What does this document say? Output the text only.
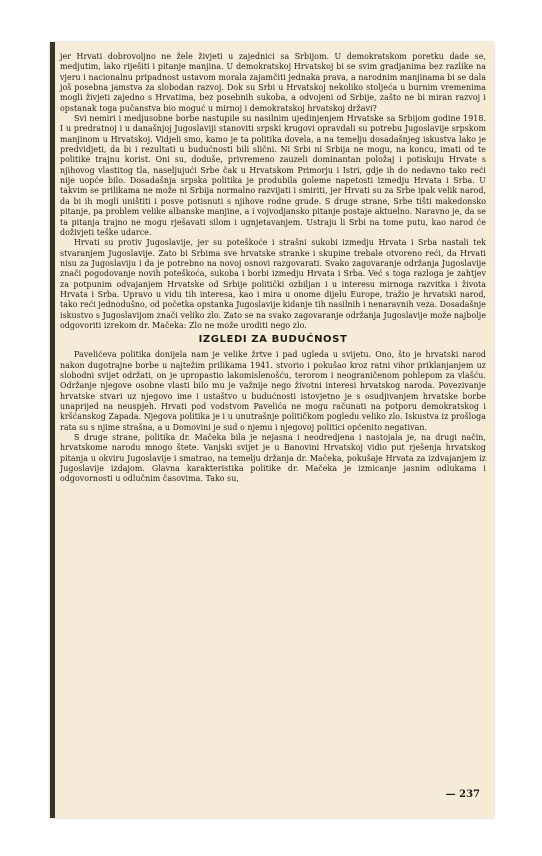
jer Hrvati dobrovoljno ne žele živjeti u zajednici sa Srbijom. U demokratskom poretku dade se, medjutim, lako riješiti i pitanje manjina. U demokratskoj Hrvatskoj bi se svim gradjanima bez razlike na vjeru i nacionalnu pripadnost ustavom morala zajamčiti jednaka prava, a narodnim manjinama bi se dala još posebna jamstva za slobodan razvoj. Dok su Srbi u Hrvatskoj nekoliko stoljeća u burnim vremenima mogli živjeti zajedno s Hrvatima, bez posebnih sukoba, a odvojeni od Srbije, zašto ne bi miran razvoj i opstanak toga pučanstva bio moguć u mirnoj i demokratskoj hrvatskoj državi?

Svi nemiri i medjusobne borbe nastupile su nasilnim ujedinjenjem Hrvatske sa Srbijom godine 1918. I u predratnoj i u današnjoj Jugoslaviji stanoviti srpski krugovi opravdali su potrebu Jugoslavije srpskom manjinom u Hrvatskoj. Vidjeli smo, kamo je ta politika dovela, a na temelju dosadašnjeg iskustva lako je predvidjeti, da bi i rezultati u budućnosti bili slični. Ni Srbi ni Srbija ne mogu, na koncu, imati od te politike trajnu korist. Oni su, doduše, privremeno zauzeli dominantan položaj i potiskuju Hrvate s njihovog vlastitog tla, naseljujući Srbe čak u Hrvatskom Primorju i Istri, gdje ih do nedavno tako reći nije uopće bilo. Dosadašnja srpska politika je produbila goleme napetosti izmedju Hrvata i Srba. U takvim se prilikama ne može ni Srbija normalno razvijati i smiriti, jer Hrvati su za Srbe ipak velik narod, da bi ih mogli uništiti i posve potisnuti s njihove rodne grude. S druge strane, Srbe tišti makedonsko pitanje, pa problem velike albanske manjine, a i vojvodjansko pitanje postaje aktuelno. Naravno je, da se ta pitanja trajno ne mogu rješavati silom i ugnjetavanjem. Ustraju li Srbi na tome putu, kao narod će doživjeti teške udarce.

Hrvati su protiv Jugoslavije, jer su poteškoće i strašni sukobi izmedju Hrvata i Srba nastali tek stvaranjem Jugoslavije. Zato bi Srbima sve hrvatske stranke i skupine trebale otvoreno reći, da Hrvati nisu za Jugoslaviju i da je potrebno na novoj osnovi razgovarati. Svako zagovaranje održanja Jugoslavije znači pogodovanje novih poteškoća, sukoba i borbi izmedju Hrvata i Srba. Već s toga razloga je zahtjev za potpunim odvajanjem Hrvatske od Srbije politički ozbiljan i u interesu mirnoga razvitka i života Hrvata i Srba. Upravo u vidu tih interesa, kao i mira u onome dijelu Europe, tražio je hrvatski narod, tako reći jednodušno, od početka opstanka Jugoslavije kidanje tih nasilnih i nenaravnih veza. Dosadašnje iskustvo s Jugoslavijom znači veliko zlo. Zato se na svako zagovaranje održanja Jugoslavije može najbolje odgovoriti izrekom dr. Mačeka: Zlo ne može uroditi nego zlo.

IZGLEDI ZA BUDUĆNOST

Pavelićeva politika donijela nam je velike žrtve i pad ugleda u svijetu. Ono, što je hrvatski narod nakon dugotrajne borbe u najtežim prilikama 1941. stvorio i pokušao kroz ratni vihor priklanjanjem uz slobodni svijet održati, on je upropastio lakomislenošću, terorom i neograničenom pohlepom za vlašću. Održanje njegove osobne vlasti bilo mu je važnije nego životni interesi hrvatskog naroda. Povezivanje hrvatske stvari uz njegovo ime i ustaštvo u budućnosti istovjetno je s osudjivanjem hrvatske borbe unaprijed na neuspjeh. Hrvati pod vodstvom Pavelića ne mogu računati na potporu demokratskog i kršćanskog Zapada. Njegova politika je i u unutrašnje političkom pogledu veliko zlo. Iskustva iz prošloga rata su s njime strašna, a u Domovini je sud o njemu i njegovoj politici općenito negativan.

S druge strane, politika dr. Mačeka bila je nejasna i neodredjena i nastojala je, na drugi način, hrvatskome narodu mnogo štete. Vanjski svijet je u Banovini Hrvatskoj vidio put rješenja hrvatskog pitanja u okviru Jugoslavije i smatrao, na temelju držanja dr. Mačeka, pokušaje Hrvata za izdvajanjem iz Jugoslavije izdajom. Glavna karakteristika politike dr. Mačeka je izmicanje jasnim odlukama i odgovornosti u odlučnim časovima. Tako su,

— 237
